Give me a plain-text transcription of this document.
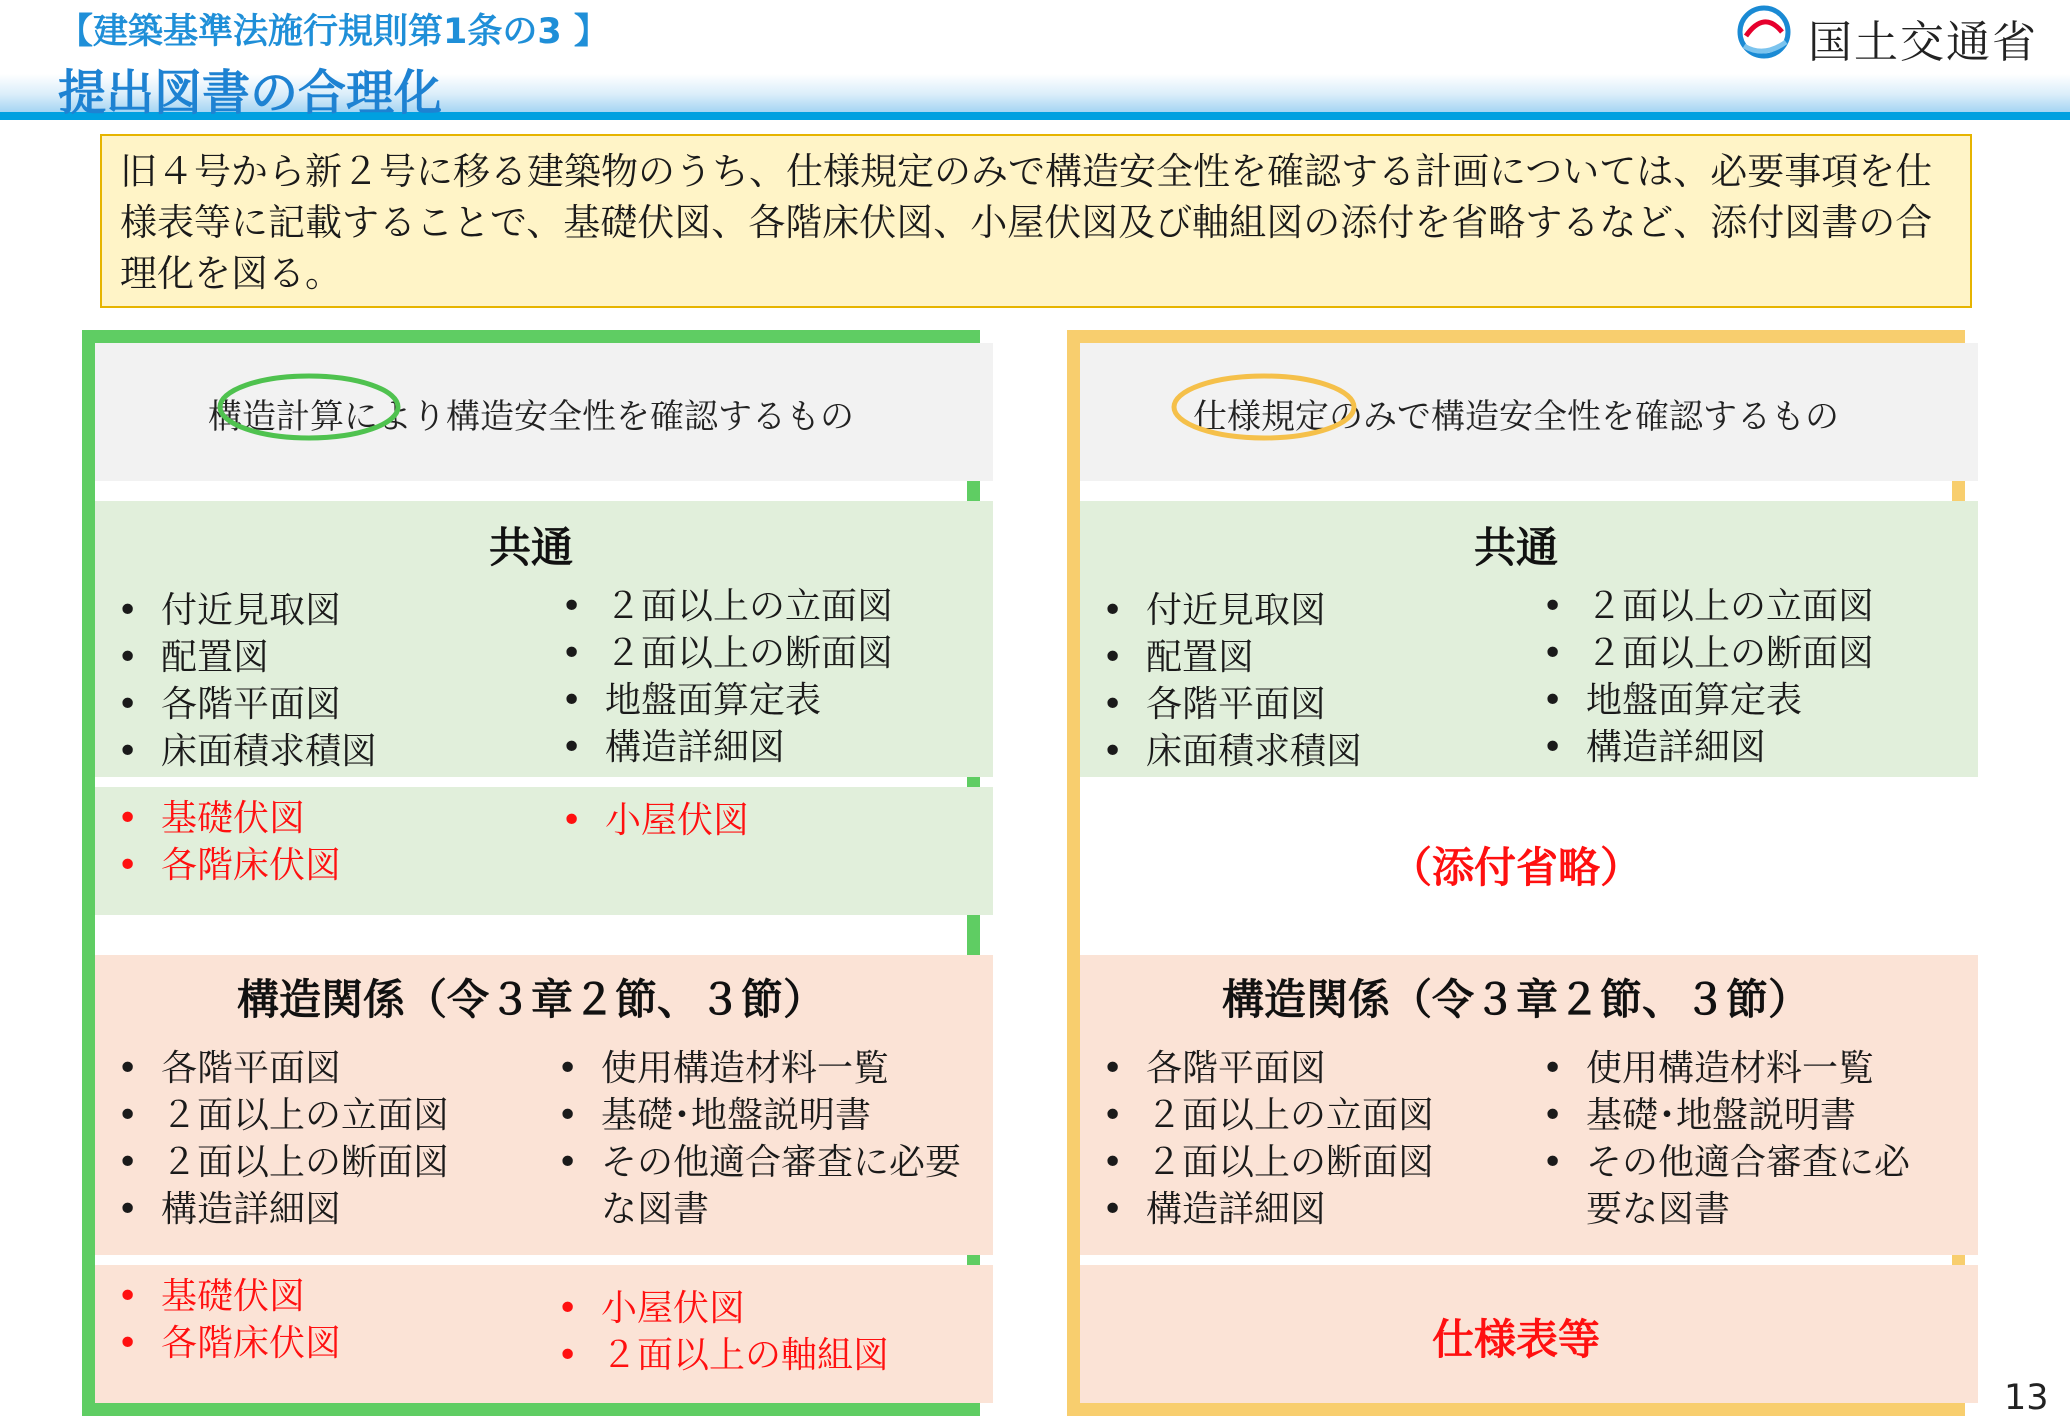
【建築基準法施行規則第1条の3 】
提出図書の合理化
国土交通省
旧４号から新２号に移る建築物のうち、仕様規定のみで構造安全性を確認する計画については、必要事項を仕様表等に記載することで、基礎伏図、各階床伏図、小屋伏図及び軸組図の添付を省略するなど、添付図書の合理化を図る。
構造計算により構造安全性を確認するもの
共通
• 付近見取図
• 配置図
• 各階平面図
• 床面積求積図
• ２面以上の立面図
• ２面以上の断面図
• 地盤面算定表
• 構造詳細図
• 基礎伏図
• 各階床伏図
• 小屋伏図
構造関係（令３章２節、３節）
• 各階平面図
• ２面以上の立面図
• ２面以上の断面図
• 構造詳細図
• 使用構造材料一覧
• 基礎･地盤説明書
• その他適合審査に必要
な図書
• 基礎伏図
• 各階床伏図
• 小屋伏図
• ２面以上の軸組図
仕様規定のみで構造安全性を確認するもの
共通
• 付近見取図
• 配置図
• 各階平面図
• 床面積求積図
• ２面以上の立面図
• ２面以上の断面図
• 地盤面算定表
• 構造詳細図
（添付省略）
構造関係（令３章２節、３節）
• 各階平面図
• ２面以上の立面図
• ２面以上の断面図
• 構造詳細図
• 使用構造材料一覧
• 基礎･地盤説明書
• その他適合審査に必
要な図書
仕様表等
13
